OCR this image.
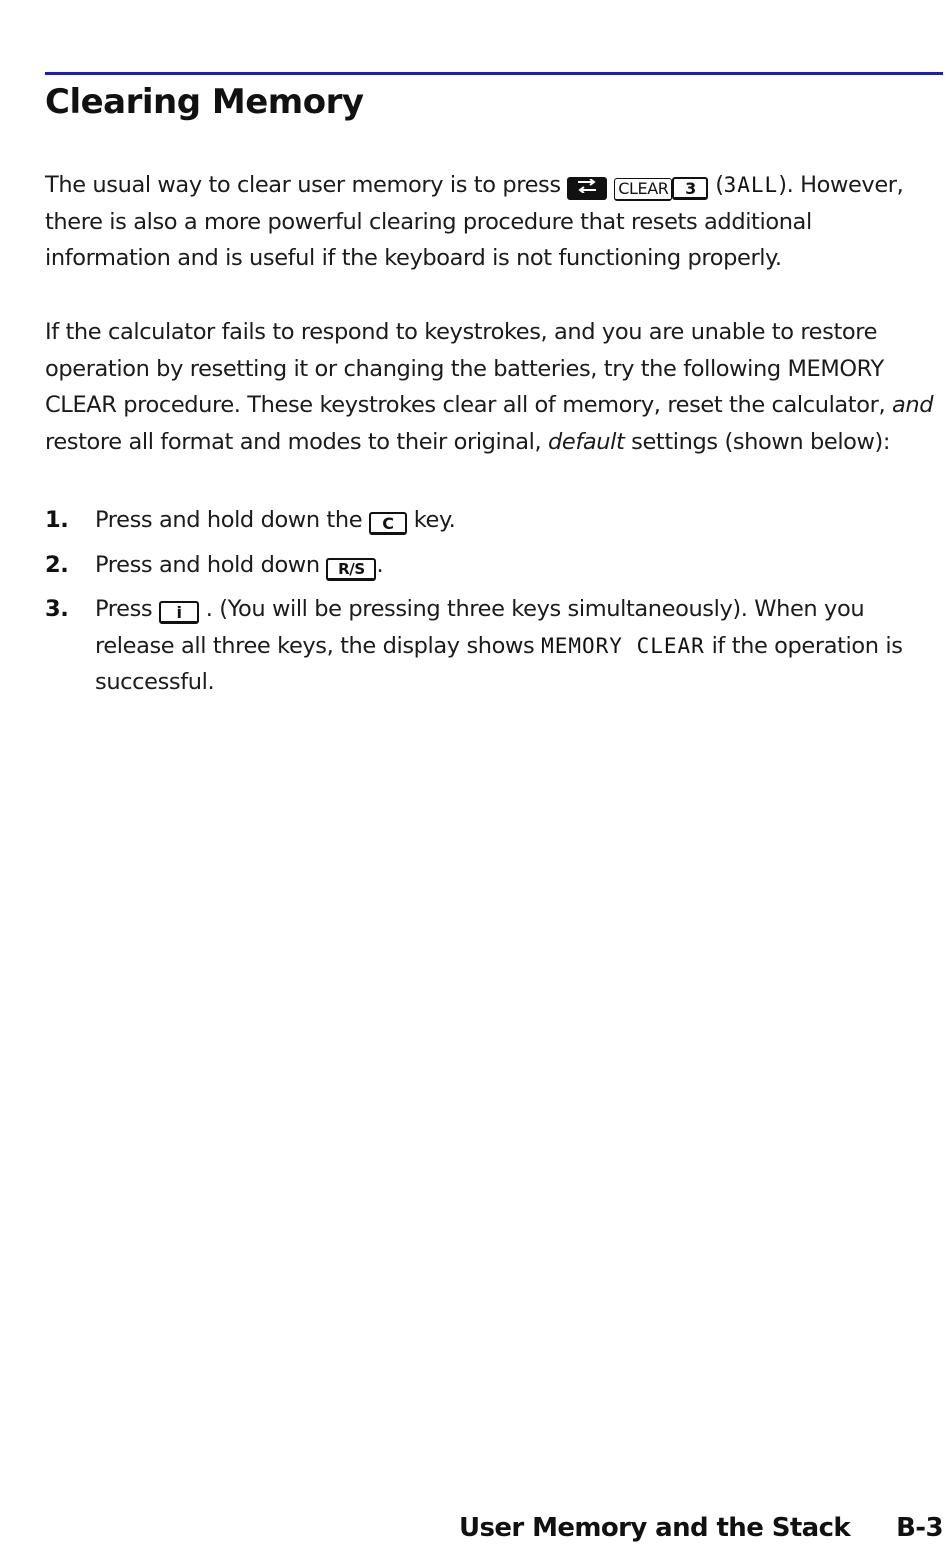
Clearing Memory

The usual way to clear user memory is to press	CLEAR 3 (3ALL). However, there is also a more powerful clearing procedure that resets additional information and is useful if the keyboard is not functioning properly.

If the calculator fails to respond to keystrokes, and you are unable to restore operation by resetting it or changing the batteries, try the following MEMORY CLEAR procedure. These keystrokes clear all of memory, reset the calculator, and restore all format and modes to their original, default settings (shown below):

1. Press and hold down the C key.
2. Press and hold down R/S .
3. Press i . (You will be pressing three keys simultaneously). When you release all three keys, the display shows MEMORY CLEAR if the operation is successful.
User Memory and the Stack B-3
